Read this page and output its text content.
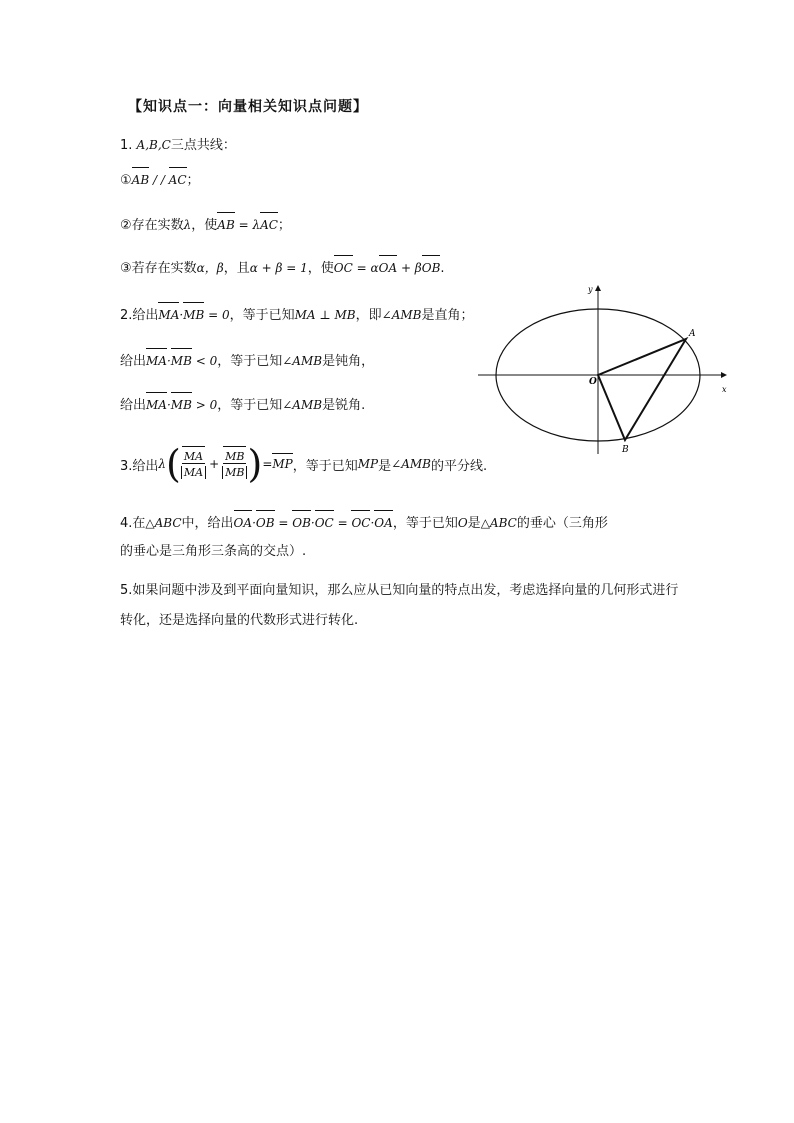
【知识点一：向量相关知识点问题】
1. A,B,C三点共线：
①AB / / AC；
②存在实数λ，使AB = λAC；
③若存在实数α，β，且α + β = 1，使OC = αOA + βOB.
2.给出MA·MB = 0，等于已知MA ⊥ MB，即∠AMB是直角；
给出MA·MB < 0，等于已知∠AMB是钝角，
给出MA·MB > 0，等于已知∠AMB是锐角.
3.给出 λ ( $\frac{MA}{MA} + \frac{MB}{MB}$ ) = MP ，等于已知 MP 是 ∠AMB 的平分线.
4.在△ABC中，给出OA·OB = OB·OC = OC·OA，等于已知O是△ABC的垂心（三角形
的垂心是三角形三条高的交点）.
5.如果问题中涉及到平面向量知识，那么应从已知向量的特点出发，考虑选择向量的几何形式进行转化，还是选择向量的代数形式进行转化.
y
x
O
A
B
